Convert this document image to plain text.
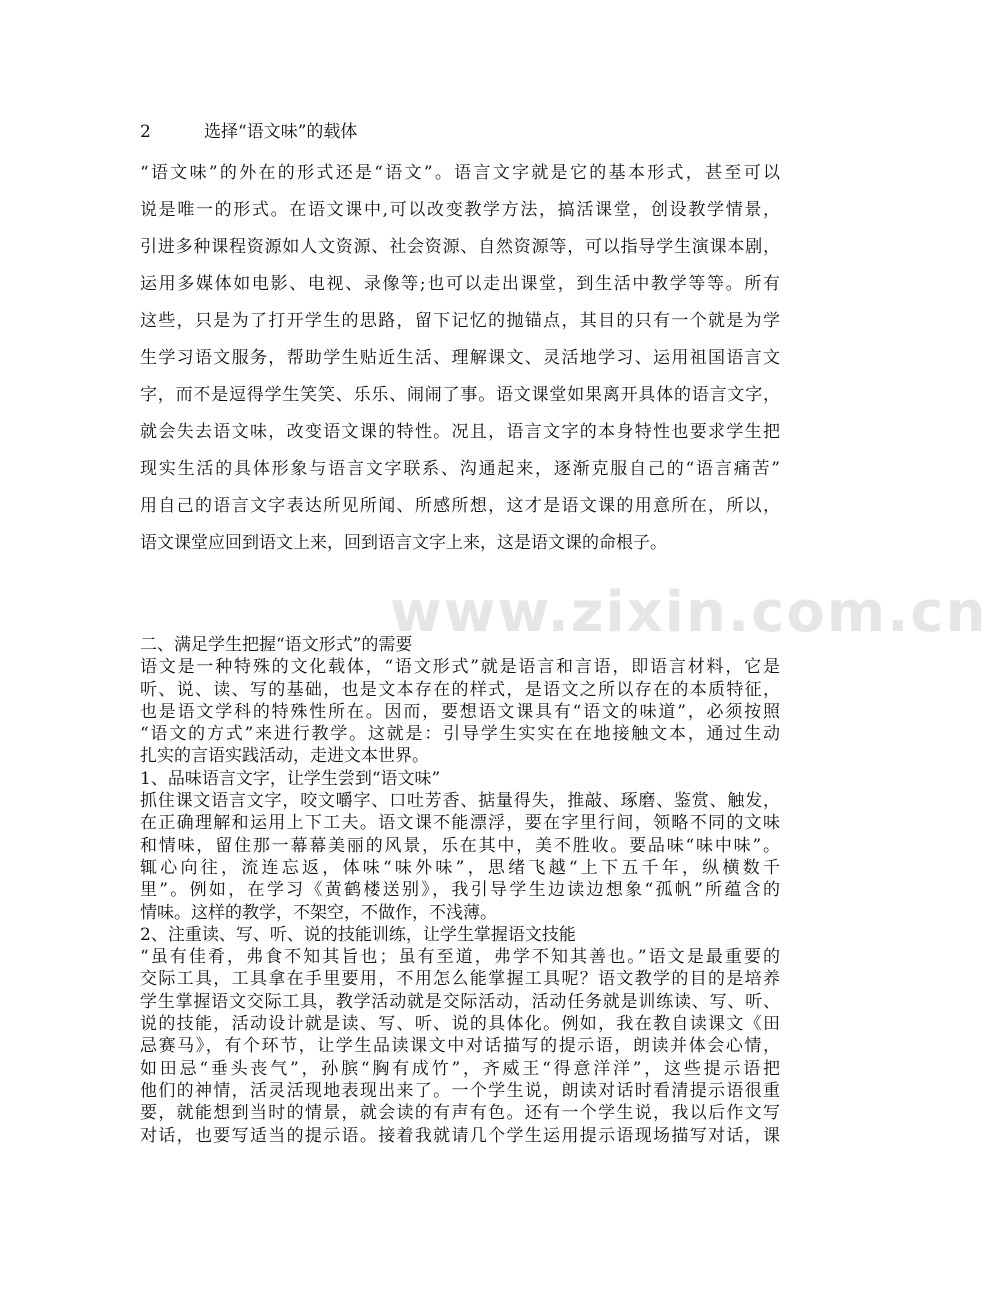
www.zixin.com.cn
2	选择“语文味”的载体
“语文味”的外在的形式还是“语文”。语言文字就是它的基本形式，甚至可以
说是唯一的形式。在语文课中,可以改变教学方法，搞活课堂，创设教学情景，
引进多种课程资源如人文资源、社会资源、自然资源等，可以指导学生演课本剧，
运用多媒体如电影、电视、录像等;也可以走出课堂，到生活中教学等等。所有
这些，只是为了打开学生的思路，留下记忆的抛锚点，其目的只有一个就是为学
生学习语文服务，帮助学生贴近生活、理解课文、灵活地学习、运用祖国语言文
字，而不是逗得学生笑笑、乐乐、闹闹了事。语文课堂如果离开具体的语言文字，
就会失去语文味，改变语文课的特性。况且，语言文字的本身特性也要求学生把
现实生活的具体形象与语言文字联系、沟通起来，逐渐克服自己的“语言痛苦”
用自己的语言文字表达所见所闻、所感所想，这才是语文课的用意所在，所以，
语文课堂应回到语文上来，回到语言文字上来，这是语文课的命根子。
二、满足学生把握“语文形式”的需要
语文是一种特殊的文化载体，“语文形式”就是语言和言语，即语言材料，它是
听、说、读、写的基础，也是文本存在的样式，是语文之所以存在的本质特征，
也是语文学科的特殊性所在。因而，要想语文课具有“语文的味道”，必须按照
“语文的方式”来进行教学。这就是：引导学生实实在在地接触文本，通过生动
扎实的言语实践活动，走进文本世界。
1、品味语言文字，让学生尝到“语文味”
抓住课文语言文字，咬文嚼字、口吐芳香、掂量得失，推敲、琢磨、鉴赏、触发，
在正确理解和运用上下工夫。语文课不能漂浮，要在字里行间，领略不同的文味
和情味，留住那一幕幕美丽的风景，乐在其中，美不胜收。要品味“味中味”。
辄心向往，流连忘返，体味“味外味”，思绪飞越“上下五千年，纵横数千
里”。例如，在学习《黄鹤楼送别》，我引导学生边读边想象“孤帆”所蕴含的
情味。这样的教学，不架空，不做作，不浅薄。
2、注重读、写、听、说的技能训练，让学生掌握语文技能
“虽有佳肴，弗食不知其旨也；虽有至道，弗学不知其善也。”语文是最重要的
交际工具，工具拿在手里要用，不用怎么能掌握工具呢？语文教学的目的是培养
学生掌握语文交际工具，教学活动就是交际活动，活动任务就是训练读、写、听、
说的技能，活动设计就是读、写、听、说的具体化。例如，我在教自读课文《田
忌赛马》，有个环节，让学生品读课文中对话描写的提示语，朗读并体会心情，
如田忌“垂头丧气”，孙膑“胸有成竹”，齐威王“得意洋洋”，这些提示语把
他们的神情，活灵活现地表现出来了。一个学生说，朗读对话时看清提示语很重
要，就能想到当时的情景，就会读的有声有色。还有一个学生说，我以后作文写
对话，也要写适当的提示语。接着我就请几个学生运用提示语现场描写对话，课
